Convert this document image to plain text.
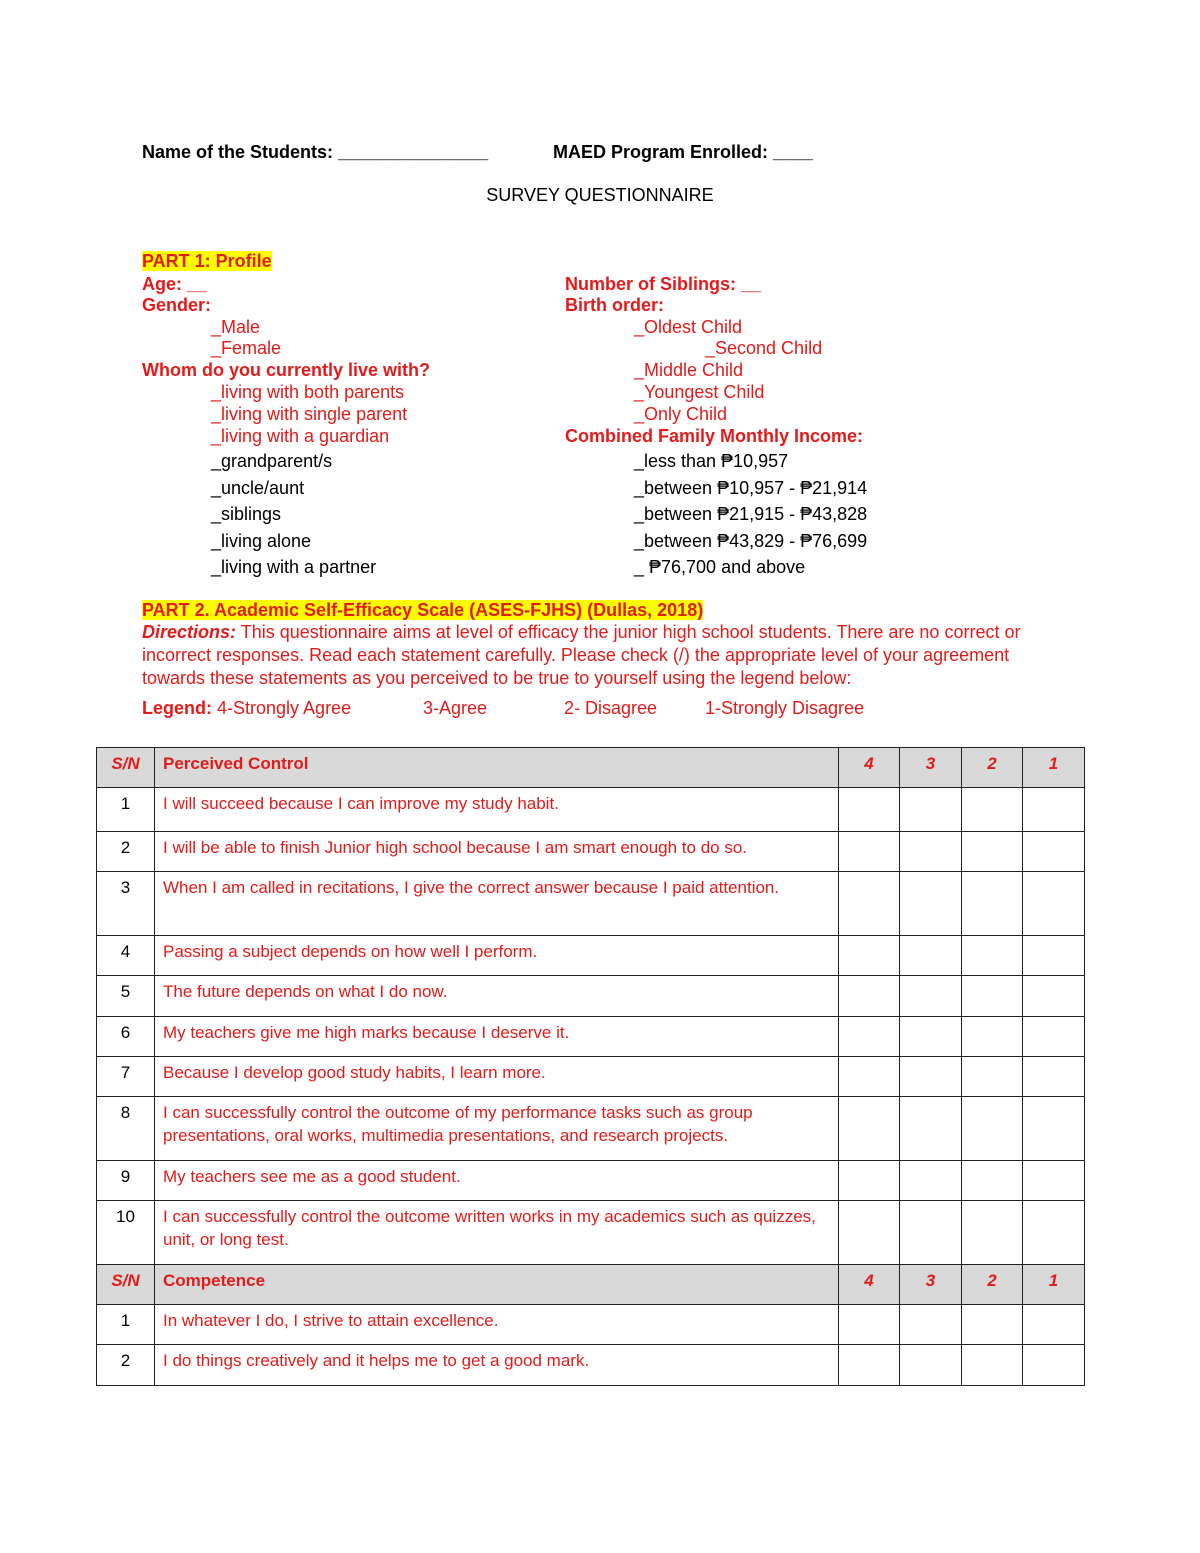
Name of the Students: _______________	MAED Program Enrolled: ____
SURVEY QUESTIONNAIRE
PART 1: Profile
Age: __
Gender:
_Male
_Female
Whom do you currently live with?
_living with both parents
_living with single parent
_living with a guardian
_grandparent/s
_uncle/aunt
_siblings
_living alone
_living with a partner
Number of Siblings: __
Birth order:
_Oldest Child
_Second Child
_Middle Child
_Youngest Child
_Only Child
Combined Family Monthly Income:
_less than ₱10,957
_between ₱10,957 - ₱21,914
_between ₱21,915 - ₱43,828
_between ₱43,829 - ₱76,699
_ ₱76,700 and above
PART 2. Academic Self-Efficacy Scale (ASES-FJHS) (Dullas, 2018)
Directions: This questionnaire aims at level of efficacy the junior high school students. There are no correct or incorrect responses. Read each statement carefully. Please check (/) the appropriate level of your agreement towards these statements as you perceived to be true to yourself using the legend below:
Legend: 4-Strongly Agree	3-Agree	2- Disagree	1-Strongly Disagree
S/N	Perceived Control	4	3	2	1
1	I will succeed because I can improve my study habit.				
2	I will be able to finish Junior high school because I am smart enough to do so.				
3	When I am called in recitations, I give the correct answer because I paid attention.				
4	Passing a subject depends on how well I perform.				
5	The future depends on what I do now.				
6	My teachers give me high marks because I deserve it.				
7	Because I develop good study habits, I learn more.				
8	I can successfully control the outcome of my performance tasks such as group presentations, oral works, multimedia presentations, and research projects.				
9	My teachers see me as a good student.				
10	I can successfully control the outcome written works in my academics such as quizzes, unit, or long test.				
S/N	Competence	4	3	2	1
1	In whatever I do, I strive to attain excellence.				
2	I do things creatively and it helps me to get a good mark.				
